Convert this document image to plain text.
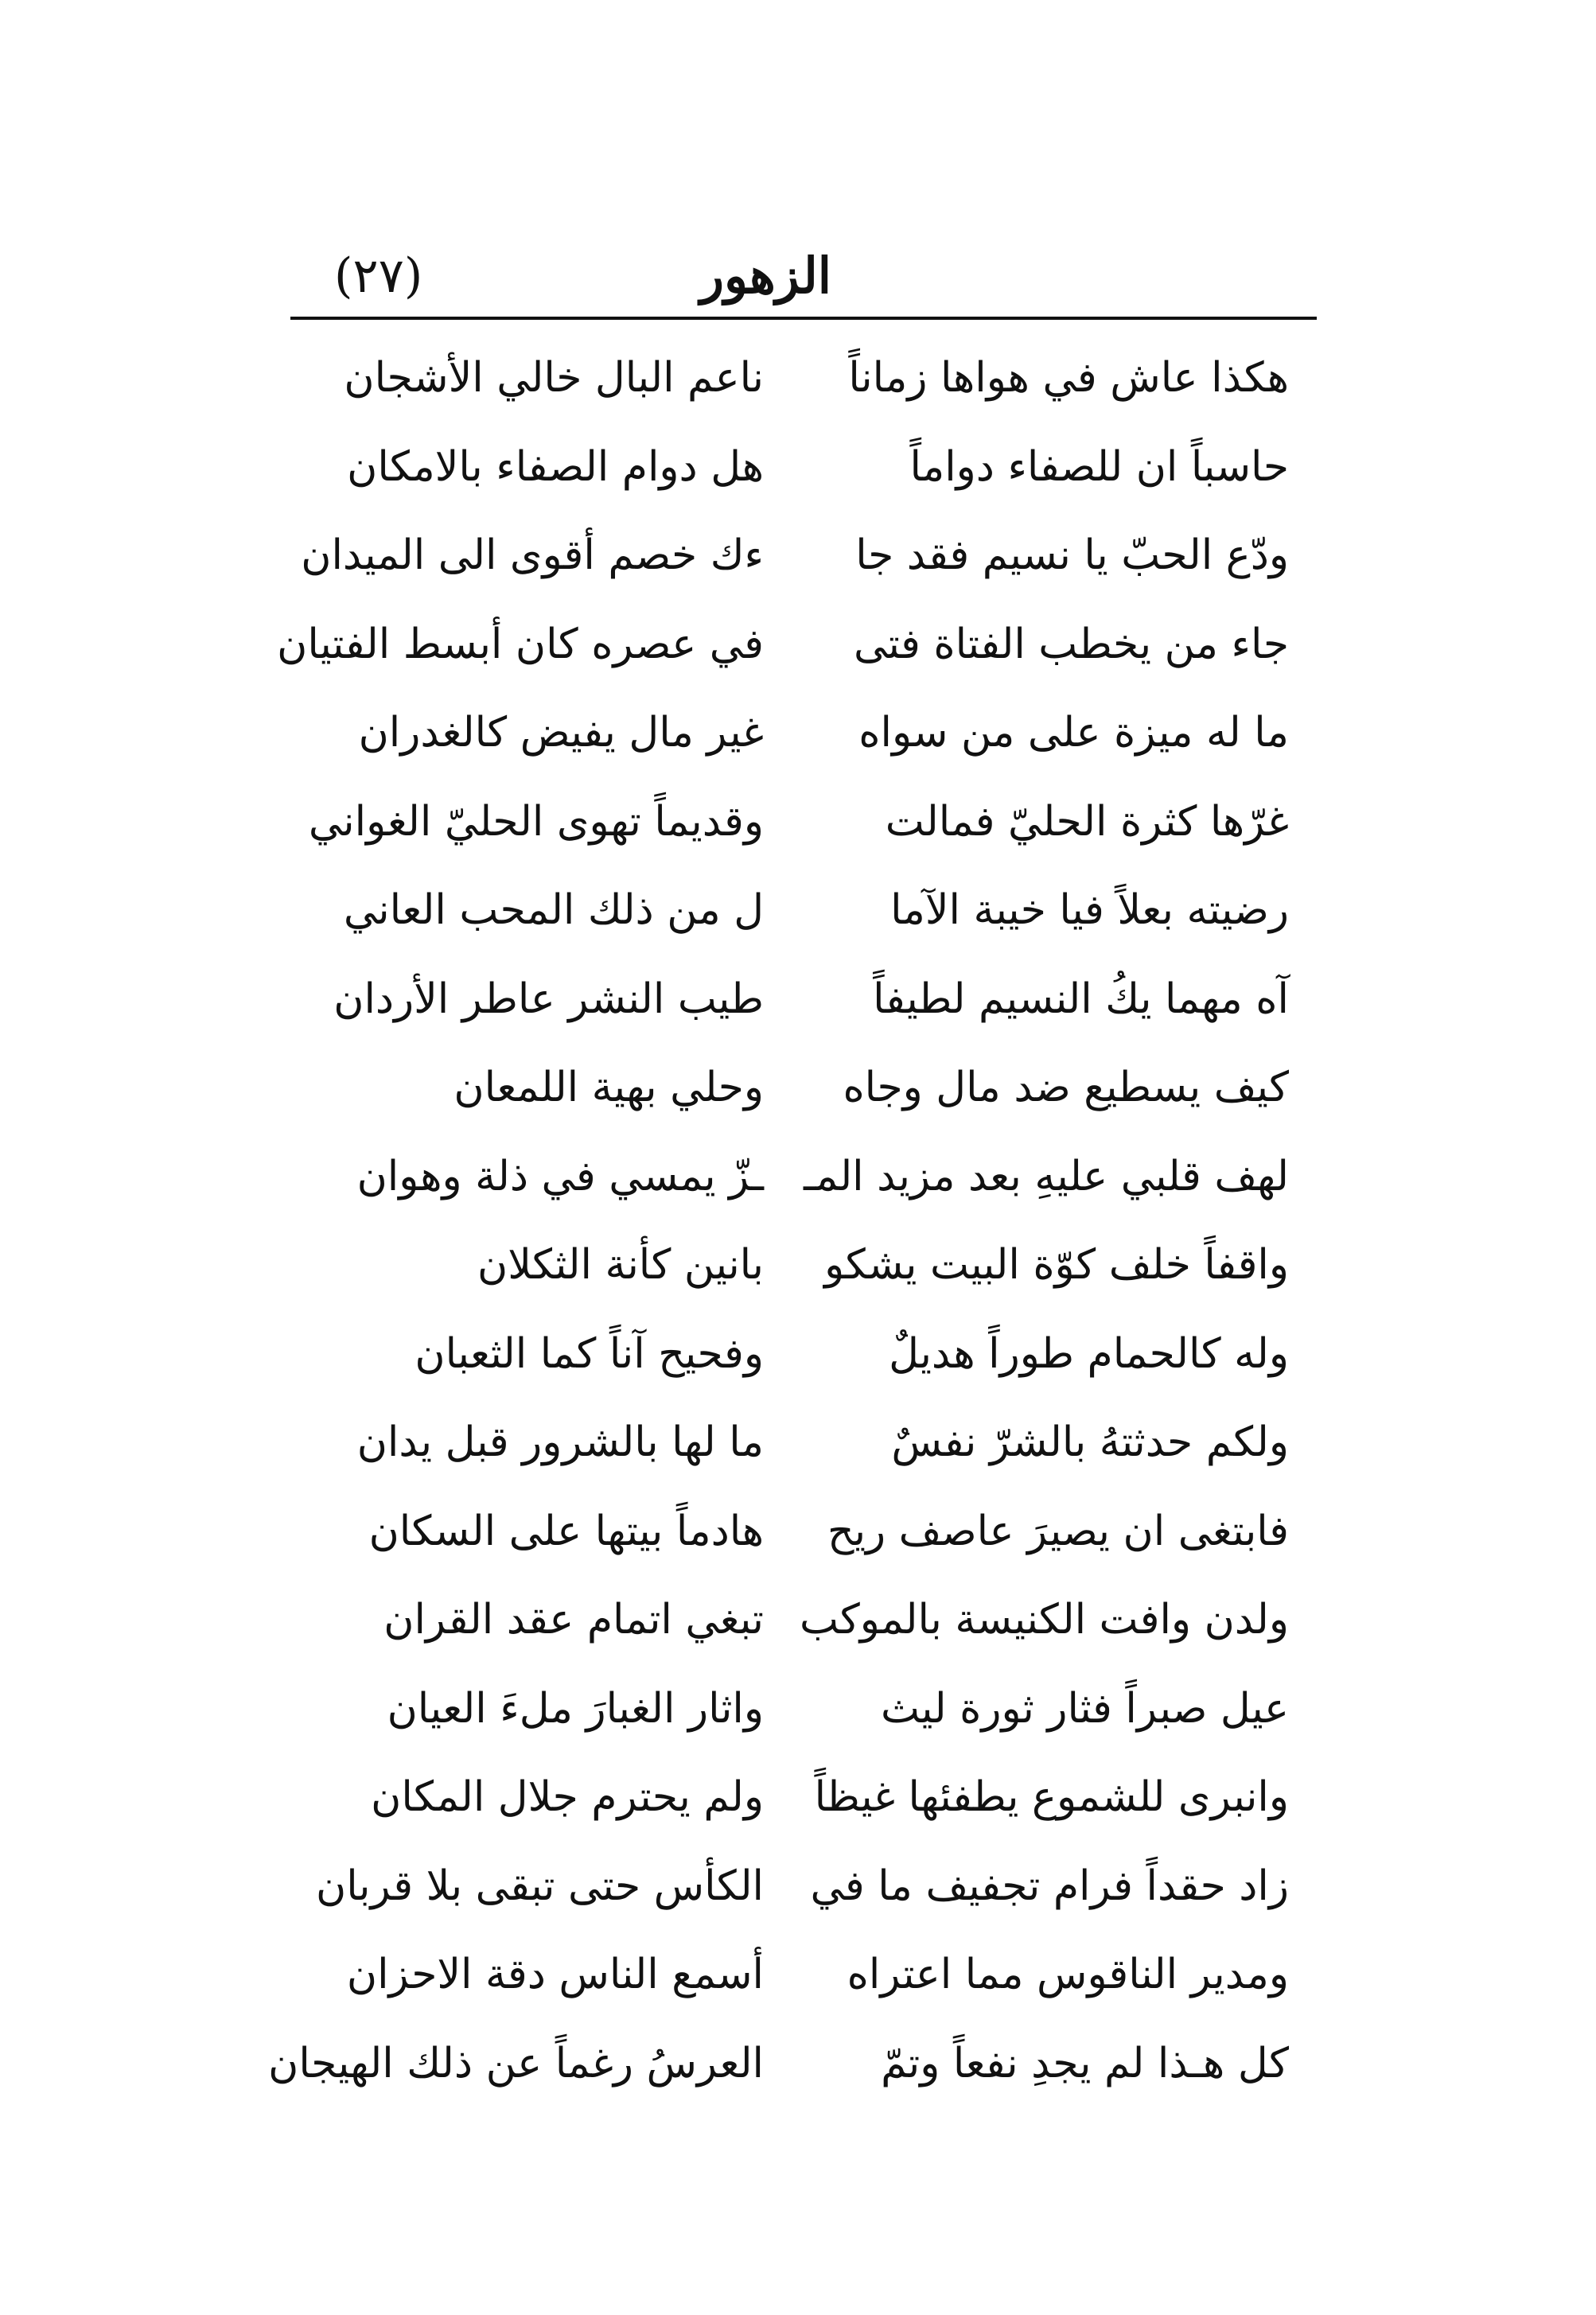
الزهور
(٢٧)
هكذا عاش في هواها زماناً
ناعم البال خالي الأشجان
حاسباً ان للصفاء دواماً
هل دوام الصفاء بالامكان
ودّع الحبّ يا نسيم فقد جا
ءك خصم أقوى الى الميدان
جاء من يخطب الفتاة فتى
في عصره كان أبسط الفتيان
ما له ميزة على من سواه
غير مال يفيض كالغدران
غرّها كثرة الحليّ فمالت
وقديماً تهوى الحليّ الغواني
رضيته بعلاً فيا خيبة الآما
ل من ذلك المحب العاني
آه مهما يكُ النسيم لطيفاً
طيب النشر عاطر الأردان
كيف يسطيع ضد مال وجاه
وحلي بهية اللمعان
لهف قلبي عليهِ بعد مزيد المـ
ـزّ يمسي في ذلة وهوان
واقفاً خلف كوّة البيت يشكو
بانين كأنة الثكلان
وله كالحمام طوراً هديلٌ
وفحيح آناً كما الثعبان
ولكم حدثتهُ بالشرّ نفسٌ
ما لها بالشرور قبل يدان
فابتغى ان يصيرَ عاصف ريح
هادماً بيتها على السكان
ولدن وافت الكنيسة بالموكب
تبغي اتمام عقد القران
عيل صبراً فثار ثورة ليث
واثار الغبارَ ملءَ العيان
وانبرى للشموع يطفئها غيظاً
ولم يحترم جلال المكان
زاد حقداً فرام تجفيف ما في
الكأس حتى تبقى بلا قربان
ومدير الناقوس مما اعتراه
أسمع الناس دقة الاحزان
كل هـذا لم يجدِ نفعاً وتمّ
العرسُ رغماً عن ذلك الهيجان
